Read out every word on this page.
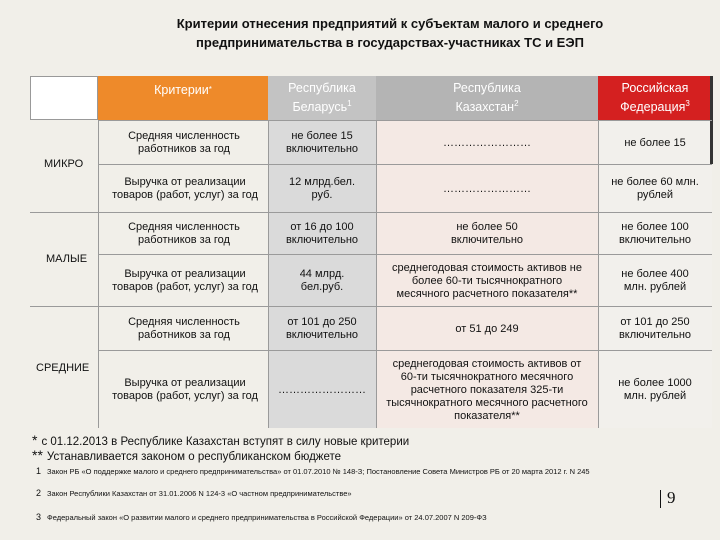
Критерии отнесения предприятий к субъектам малого и среднего предпринимательства в государствах-участниках ТС и ЕЭП
Критерии *	Республика Беларусь$^1$
Республика Казахстан$^2$
Российская Федерация$^3$
МИКРО
МАЛЫЕ
СРЕДНИЕ
Средняя численность работников за год
не более 15 включительно
……………………	не более 15
Выручка от реализации товаров (работ, услуг) за год
12 млрд.бел. руб.
……………………
не более 60 млн. рублей
Средняя численность работников за год
от 16 до 100 включительно
не более 50 включительно
не более 100 включительно
Выручка от реализации товаров (работ, услуг) за год
44 млрд. бел.руб.
среднегодовая стоимость активов не более 60-ти тысячнократного месячного расчетного показателя**
не более 400 млн. рублей
Средняя численность работников за год
от 101 до 250 включительно
от 51 до 249
от 101 до 250 включительно
Выручка от реализации товаров (работ, услуг) за год
……………………
среднегодовая стоимость активов от 60-ти тысячнократного месячного расчетного показателя 325-ти тысячнократного месячного расчетного показателя**
не более 1000 млн. рублей
* с 01.12.2013 в Республике Казахстан вступят в силу новые критерии
** Устанавливается законом о республиканском бюджете
1 Закон РБ «О поддержке малого и среднего предпринимательства» от 01.07.2010 № 148-З; Постановление Совета Министров РБ от 20 марта 2012 г. N 245
2 Закон Республики Казахстан от 31.01.2006 N 124-3 «О частном предпринимательстве»
3 Федеральный закон «О развитии малого и среднего предпринимательства в Российской Федерации» от 24.07.2007 N 209-ФЗ
9
